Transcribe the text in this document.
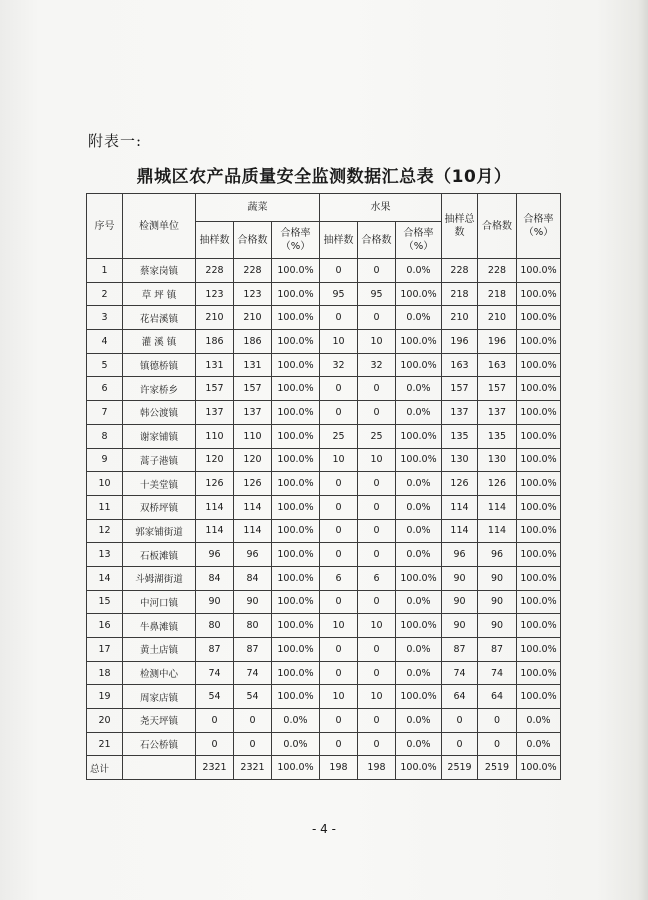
附表一:
鼎城区农产品质量安全监测数据汇总表（10月）
序号	检测单位	蔬菜			水果			抽样总数	合格数	合格率（%）
		抽样数	合格数	合格率（%）	抽样数	合格数	合格率（%）			
1	蔡家岗镇	228	228	100.0%	0	0	0.0%	228	228	100.0%
2	草 坪 镇	123	123	100.0%	95	95	100.0%	218	218	100.0%
3	花岩溪镇	210	210	100.0%	0	0	0.0%	210	210	100.0%
4	灌 溪 镇	186	186	100.0%	10	10	100.0%	196	196	100.0%
5	镇德桥镇	131	131	100.0%	32	32	100.0%	163	163	100.0%
6	许家桥乡	157	157	100.0%	0	0	0.0%	157	157	100.0%
7	韩公渡镇	137	137	100.0%	0	0	0.0%	137	137	100.0%
8	谢家铺镇	110	110	100.0%	25	25	100.0%	135	135	100.0%
9	蒿子港镇	120	120	100.0%	10	10	100.0%	130	130	100.0%
10	十美堂镇	126	126	100.0%	0	0	0.0%	126	126	100.0%
11	双桥坪镇	114	114	100.0%	0	0	0.0%	114	114	100.0%
12	郭家铺街道	114	114	100.0%	0	0	0.0%	114	114	100.0%
13	石板滩镇	96	96	100.0%	0	0	0.0%	96	96	100.0%
14	斗姆湖街道	84	84	100.0%	6	6	100.0%	90	90	100.0%
15	中河口镇	90	90	100.0%	0	0	0.0%	90	90	100.0%
16	牛鼻滩镇	80	80	100.0%	10	10	100.0%	90	90	100.0%
17	黄土店镇	87	87	100.0%	0	0	0.0%	87	87	100.0%
18	检测中心	74	74	100.0%	0	0	0.0%	74	74	100.0%
19	周家店镇	54	54	100.0%	10	10	100.0%	64	64	100.0%
20	尧天坪镇	0	0	0.0%	0	0	0.0%	0	0	0.0%
21	石公桥镇	0	0	0.0%	0	0	0.0%	0	0	0.0%
总计		2321	2321	100.0%	198	198	100.0%	2519	2519	100.0%
- 4 -
